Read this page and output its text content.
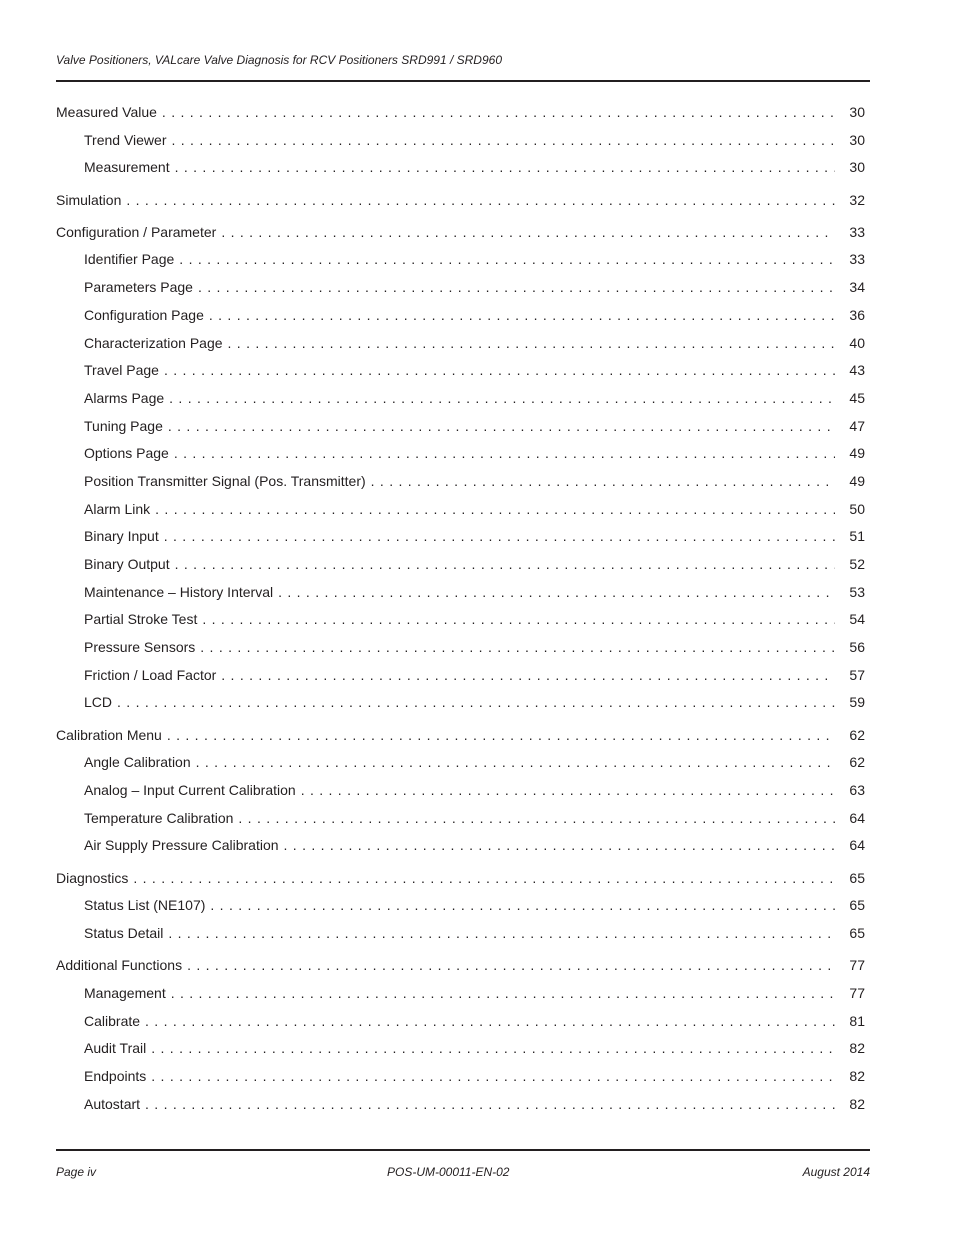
Valve Positioners, VALcare Valve Diagnosis for RCV Positioners SRD991 / SRD960
Measured Value . . .	30
Trend Viewer . . .	30
Measurement . . .	30
Simulation . . .	32
Configuration / Parameter . . .	33
Identifier Page . . .	33
Parameters Page . . .	34
Configuration Page . . .	36
Characterization Page . . .	40
Travel Page . . .	43
Alarms Page . . .	45
Tuning Page . . .	47
Options Page . . .	49
Position Transmitter Signal (Pos. Transmitter) . . .	49
Alarm Link . . .	50
Binary Input . . .	51
Binary Output . . .	52
Maintenance – History Interval . . .	53
Partial Stroke Test . . .	54
Pressure Sensors . . .	56
Friction / Load Factor . . .	57
LCD . . .	59
Calibration Menu . . .	62
Angle Calibration . . .	62
Analog – Input Current Calibration . . .	63
Temperature Calibration . . .	64
Air Supply Pressure Calibration . . .	64
Diagnostics . . .	65
Status List (NE107) . . .	65
Status Detail . . .	65
Additional Functions . . .	77
Management . . .	77
Calibrate . . .	81
Audit Trail . . .	82
Endpoints . . .	82
Autostart . . .	82
Page iv	POS-UM-00011-EN-02	August 2014
